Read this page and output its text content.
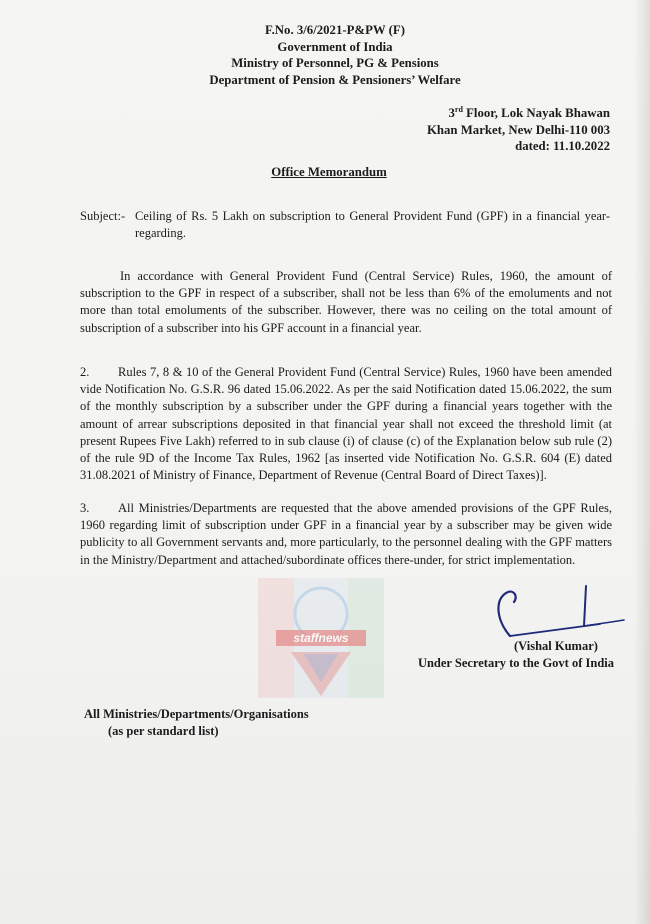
F.No. 3/6/2021-P&PW (F)
Government of India
Ministry of Personnel, PG & Pensions
Department of Pension & Pensioners’ Welfare
3rd Floor, Lok Nayak Bhawan
Khan Market, New Delhi-110 003
dated: 11.10.2022
Office Memorandum
Subject:- Ceiling of Rs. 5 Lakh on subscription to General Provident Fund (GPF) in a financial year- regarding.
In accordance with General Provident Fund (Central Service) Rules, 1960, the amount of subscription to the GPF in respect of a subscriber, shall not be less than 6% of the emoluments and not more than total emoluments of the subscriber. However, there was no ceiling on the total amount of subscription of a subscriber into his GPF account in a financial year.
2. Rules 7, 8 & 10 of the General Provident Fund (Central Service) Rules, 1960 have been amended vide Notification No. G.S.R. 96 dated 15.06.2022. As per the said Notification dated 15.06.2022, the sum of the monthly subscription by a subscriber under the GPF during a financial years together with the amount of arrear subscriptions deposited in that financial year shall not exceed the threshold limit (at present Rupees Five Lakh) referred to in sub clause (i) of clause (c) of the Explanation below sub rule (2) of the rule 9D of the Income Tax Rules, 1962 [as inserted vide Notification No. G.S.R. 604 (E) dated 31.08.2021 of Ministry of Finance, Department of Revenue (Central Board of Direct Taxes)].
3. All Ministries/Departments are requested that the above amended provisions of the GPF Rules, 1960 regarding limit of subscription under GPF in a financial year by a subscriber may be given wide publicity to all Government servants and, more particularly, to the personnel dealing with the GPF matters in the Ministry/Department and attached/subordinate offices there-under, for strict implementation.
staffnews
(Vishal Kumar)
Under Secretary to the Govt of India
All Ministries/Departments/Organisations
(as per standard list)
